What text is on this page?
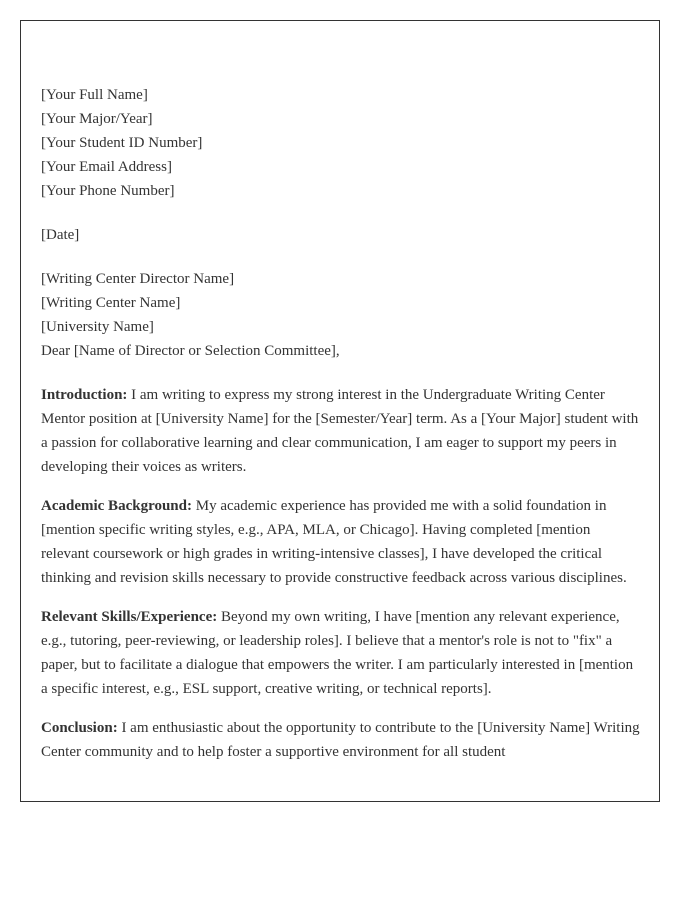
[Your Full Name]
[Your Major/Year]
[Your Student ID Number]
[Your Email Address]
[Your Phone Number]
[Date]
[Writing Center Director Name]
[Writing Center Name]
[University Name]
Dear [Name of Director or Selection Committee],

Introduction: I am writing to express my strong interest in the Undergraduate Writing Center Mentor position at [University Name] for the [Semester/Year] term. As a [Your Major] student with a passion for collaborative learning and clear communication, I am eager to support my peers in developing their voices as writers.

Academic Background: My academic experience has provided me with a solid foundation in [mention specific writing styles, e.g., APA, MLA, or Chicago]. Having completed [mention relevant coursework or high grades in writing-intensive classes], I have developed the critical thinking and revision skills necessary to provide constructive feedback across various disciplines.

Relevant Skills/Experience: Beyond my own writing, I have [mention any relevant experience, e.g., tutoring, peer-reviewing, or leadership roles]. I believe that a mentor's role is not to "fix" a paper, but to facilitate a dialogue that empowers the writer. I am particularly interested in [mention a specific interest, e.g., ESL support, creative writing, or technical reports].

Conclusion: I am enthusiastic about the opportunity to contribute to the [University Name] Writing Center community and to help foster a supportive environment for all student
